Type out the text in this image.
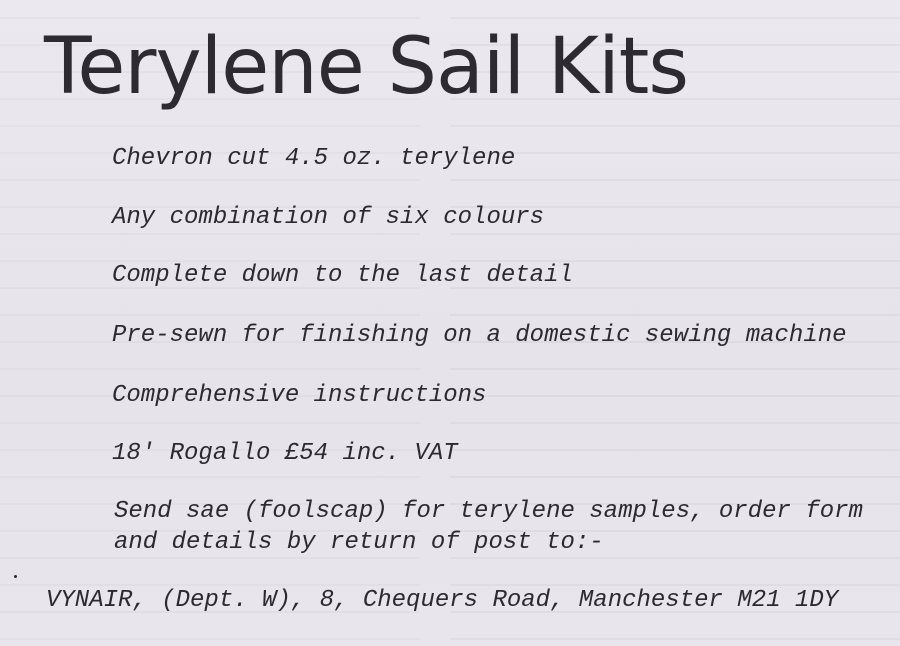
Terylene Sail Kits

Chevron cut 4.5 oz. terylene

Any combination of six colours

Complete down to the last detail

Pre-sewn for finishing on a domestic sewing machine

Comprehensive instructions

18' Rogallo £54 inc. VAT

Send sae (foolscap) for terylene samples, order form

and details by return of post to:-

VYNAIR, (Dept. W), 8, Chequers Road, Manchester M21 1DY
